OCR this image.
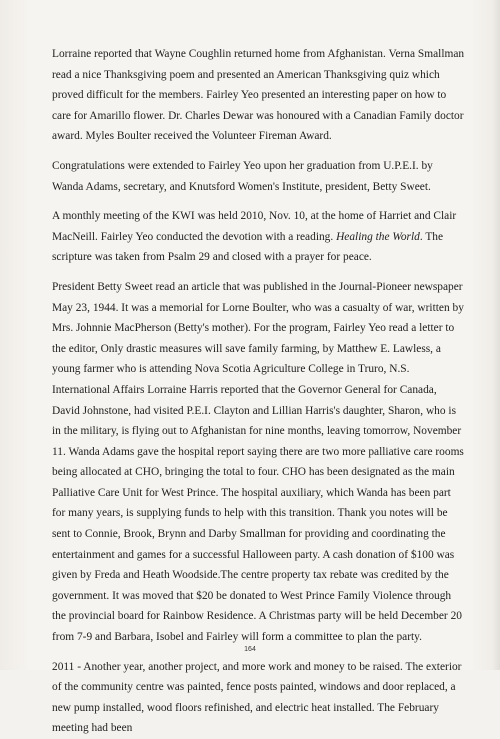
Lorraine reported that Wayne Coughlin returned home from Afghanistan. Verna Smallman read a nice Thanksgiving poem and presented an American Thanksgiving quiz which proved difficult for the members. Fairley Yeo presented an interesting paper on how to care for Amarillo flower. Dr. Charles Dewar was honoured with a Canadian Family doctor award. Myles Boulter received the Volunteer Fireman Award.

Congratulations were extended to Fairley Yeo upon her graduation from U.P.E.I. by Wanda Adams, secretary, and Knutsford Women's Institute, president, Betty Sweet.

A monthly meeting of the KWI was held 2010, Nov. 10, at the home of Harriet and Clair MacNeill. Fairley Yeo conducted the devotion with a reading. Healing the World. The scripture was taken from Psalm 29 and closed with a prayer for peace.

President Betty Sweet read an article that was published in the Journal-Pioneer newspaper May 23, 1944. It was a memorial for Lorne Boulter, who was a casualty of war, written by Mrs. Johnnie MacPherson (Betty's mother). For the program, Fairley Yeo read a letter to the editor, Only drastic measures will save family farming, by Matthew E. Lawless, a young farmer who is attending Nova Scotia Agriculture College in Truro, N.S. International Affairs Lorraine Harris reported that the Governor General for Canada, David Johnstone, had visited P.E.I. Clayton and Lillian Harris's daughter, Sharon, who is in the military, is flying out to Afghanistan for nine months, leaving tomorrow, November 11. Wanda Adams gave the hospital report saying there are two more palliative care rooms being allocated at CHO, bringing the total to four. CHO has been designated as the main Palliative Care Unit for West Prince. The hospital auxiliary, which Wanda has been part for many years, is supplying funds to help with this transition. Thank you notes will be sent to Connie, Brook, Brynn and Darby Smallman for providing and coordinating the entertainment and games for a successful Halloween party. A cash donation of $100 was given by Freda and Heath Woodside.The centre property tax rebate was credited by the government. It was moved that $20 be donated to West Prince Family Violence through the provincial board for Rainbow Residence. A Christmas party will be held December 20 from 7-9 and Barbara, Isobel and Fairley will form a committee to plan the party.

2011 - Another year, another project, and more work and money to be raised. The exterior of the community centre was painted, fence posts painted, windows and door replaced, a new pump installed, wood floors refinished, and electric heat installed. The February meeting had been

164
